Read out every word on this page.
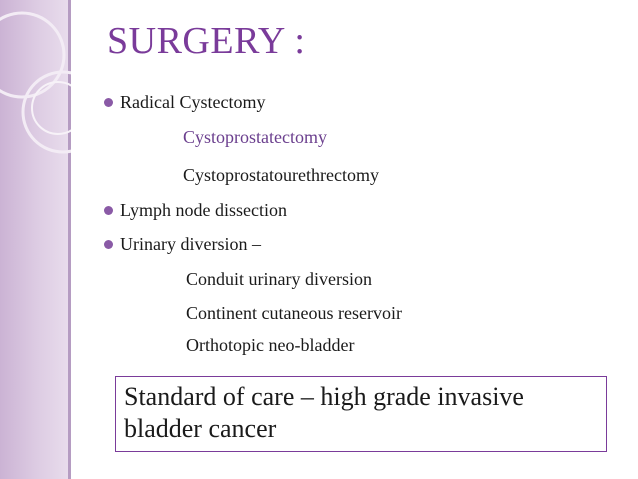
SURGERY :
Radical Cystectomy
Cystoprostatectomy
Cystoprostatourethrectomy
Lymph node dissection
Urinary diversion –
Conduit urinary diversion
Continent cutaneous reservoir
Orthotopic neo-bladder

Standard of care – high grade invasive bladder cancer
